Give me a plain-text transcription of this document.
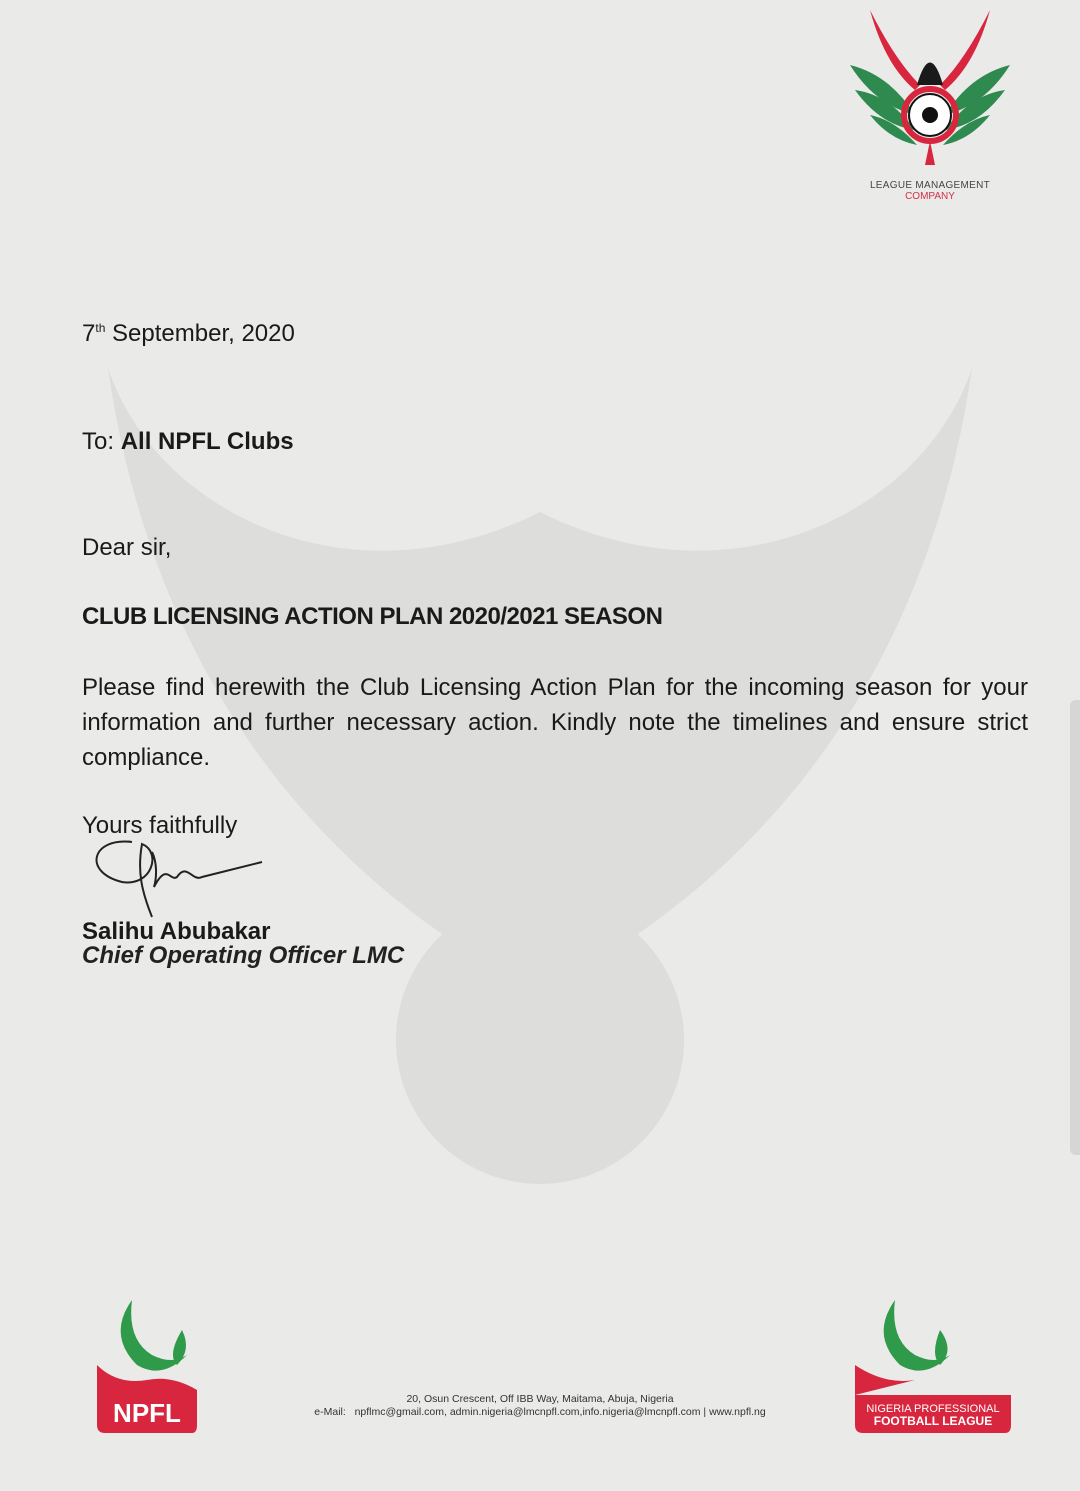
LEAGUE MANAGEMENT
COMPANY
7th September, 2020
To: All NPFL Clubs
Dear sir,
CLUB LICENSING ACTION PLAN 2020/2021 SEASON
Please find herewith the Club Licensing Action Plan for the incoming season for your information and further necessary action. Kindly note the timelines and ensure strict compliance.
Yours faithfully
Salihu Abubakar
Chief Operating Officer LMC
NPFL	20, Osun Crescent, Off IBB Way, Maitama, Abuja, Nigeria
e-Mail: npflmc@gmail.com, admin.nigeria@lmcnpfl.com,info.nigeria@lmcnpfl.com | www.npfl.ng	NIGERIA PROFESSIONAL
FOOTBALL LEAGUE
